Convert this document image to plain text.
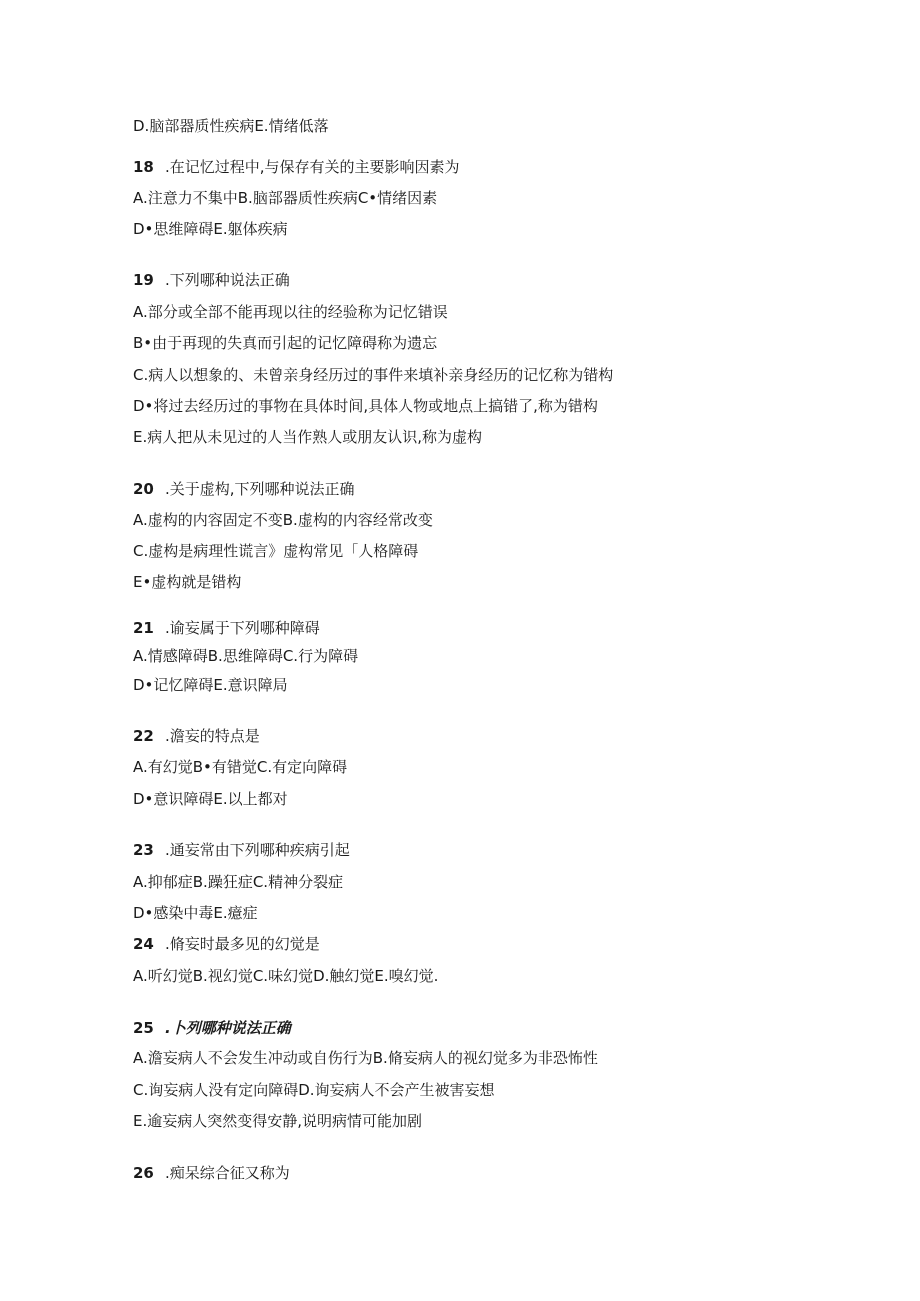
D.脑部器质性疾病E.情绪低落
18 .在记忆过程中,与保存有关的主要影响因素为
A.注意力不集中B.脑部器质性疾病C•情绪因素
D•思维障碍E.躯体疾病
19 .下列哪种说法正确
A.部分或全部不能再现以往的经验称为记忆错误
B•由于再现的失真而引起的记忆障碍称为遗忘
C.病人以想象的、未曾亲身经历过的事件来填补亲身经历的记忆称为错构
D•将过去经历过的事物在具体时间,具体人物或地点上搞错了,称为错构
E.病人把从未见过的人当作熟人或朋友认识,称为虚构
20 .关于虚构,下列哪种说法正确
A.虚构的内容固定不变B.虚构的内容经常改变
C.虚构是病理性谎言》虚构常见「人格障碍
E•虚构就是错构
21 .谕妄属于下列哪种障碍
A.情感障碍B.思维障碍C.行为障碍
D•记忆障碍E.意识障局
22 .澹妄的特点是
A.有幻觉B•有错觉C.有定向障碍
D•意识障碍E.以上都对
23 .通妄常由下列哪种疾病引起
A.抑郁症B.躁狂症C.精神分裂症
D•感染中毒E.癔症
24 .脩妄时最多见的幻觉是
A.听幻觉B.视幻觉C.味幻觉D.触幻觉E.嗅幻觉.
25 .卜列哪种说法正确
A.澹妄病人不会发生冲动或自伤行为B.脩妄病人的视幻觉多为非恐怖性
C.询妄病人没有定向障碍D.询妄病人不会产生被害妄想
E.逾妄病人突然变得安静,说明病情可能加剧
26 .痴呆综合征又称为
